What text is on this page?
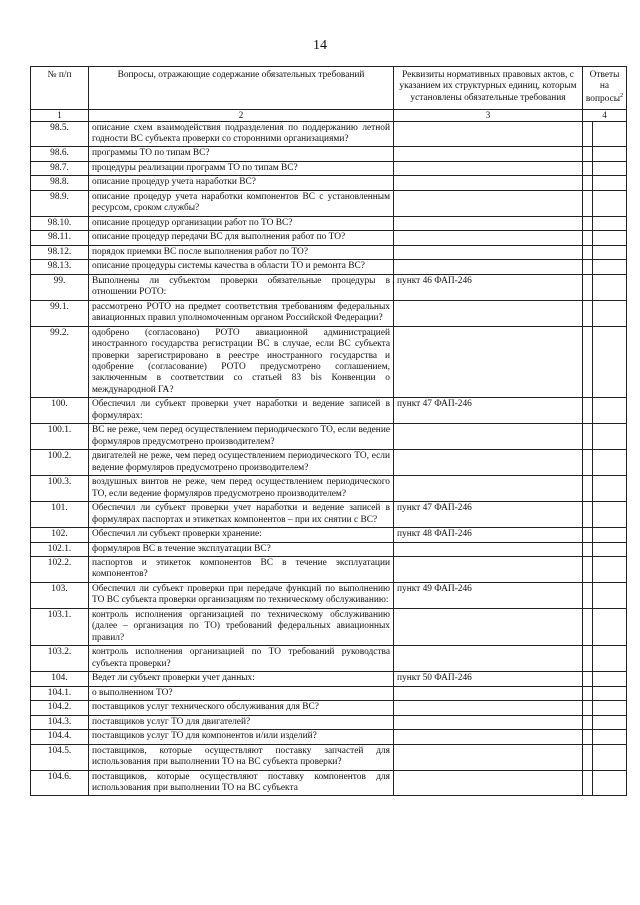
14
№ п/п	Вопросы, отражающие содержание обязательных требований	Реквизиты нормативных правовых актов, с указанием их структурных единиц, которым установлены обязательные требования	Ответы на вопросы$^2$
1	2	3	4
98.5.	описание схем взаимодействия подразделения по поддержанию летной годности ВС субъекта проверки со сторонними организациями?		

98.6.	программы ТО по типам ВС?		

98.7.	процедуры реализации программ ТО по типам ВС?		

98.8.	описание процедур учета наработки ВС?		

98.9.	описание процедур учета наработки компонентов ВС с установленным ресурсом, сроком службы?		

98.10.	описание процедур организации работ по ТО ВС?		

98.11.	описание процедур передачи ВС для выполнения работ по ТО?		

98.12.	порядок приемки ВС после выполнения работ по ТО?		

98.13.	описание процедуры системы качества в области ТО и ремонта ВС?		

99.	Выполнены ли субъектом проверки обязательные процедуры в отношении РОТО:	пункт 46 ФАП-246	

99.1.	рассмотрено РОТО на предмет соответствия требованиям федеральных авиационных правил уполномоченным органом Российской Федерации?		

99.2.	одобрено (согласовано) РОТО авиационной администрацией иностранного государства регистрации ВС в случае, если ВС субъекта проверки зарегистрировано в реестре иностранного государства и одобрение (согласование) РОТО предусмотрено соглашением, заключенным в соответствии со статьей 83 bis Конвенции о международной ГА?		

100.	Обеспечил ли субъект проверки учет наработки и ведение записей в формулярах:	пункт 47 ФАП-246	

100.1.	ВС не реже, чем перед осуществлением периодического ТО, если ведение формуляров предусмотрено производителем?		

100.2.	двигателей не реже, чем перед осуществлением периодического ТО, если ведение формуляров предусмотрено производителем?		

100.3.	воздушных винтов не реже, чем перед осуществлением периодического ТО, если ведение формуляров предусмотрено производителем?		

101.	Обеспечил ли субъект проверки учет наработки и ведение записей в формулярах паспортах и этикетках компонентов – при их снятии с ВС?	пункт 47 ФАП-246	

102.	Обеспечил ли субъект проверки хранение:	пункт 48 ФАП-246	

102.1.	формуляров ВС в течение эксплуатации ВС?		

102.2.	паспортов и этикеток компонентов ВС в течение эксплуатации компонентов?		

103.	Обеспечил ли субъект проверки при передаче функций по выполнению ТО ВС субъекта проверки организациям по техническому обслуживанию:	пункт 49 ФАП-246	

103.1.	контроль исполнения организацией по техническому обслуживанию (далее – организация по ТО) требований федеральных авиационных правил?		

103.2.	контроль исполнения организацией по ТО требований руководства субъекта проверки?		

104.	Ведет ли субъект проверки учет данных:	пункт 50 ФАП-246	

104.1.	о выполненном ТО?		

104.2.	поставщиков услуг технического обслуживания для ВС?		

104.3.	поставщиков услуг ТО для двигателей?		

104.4.	поставщиков услуг ТО для компонентов и/или изделий?		

104.5.	поставщиков, которые осуществляют поставку запчастей для использования при выполнении ТО на ВС субъекта проверки?		

104.6.	поставщиков, которые осуществляют поставку компонентов для использования при выполнении ТО на ВС субъекта		
